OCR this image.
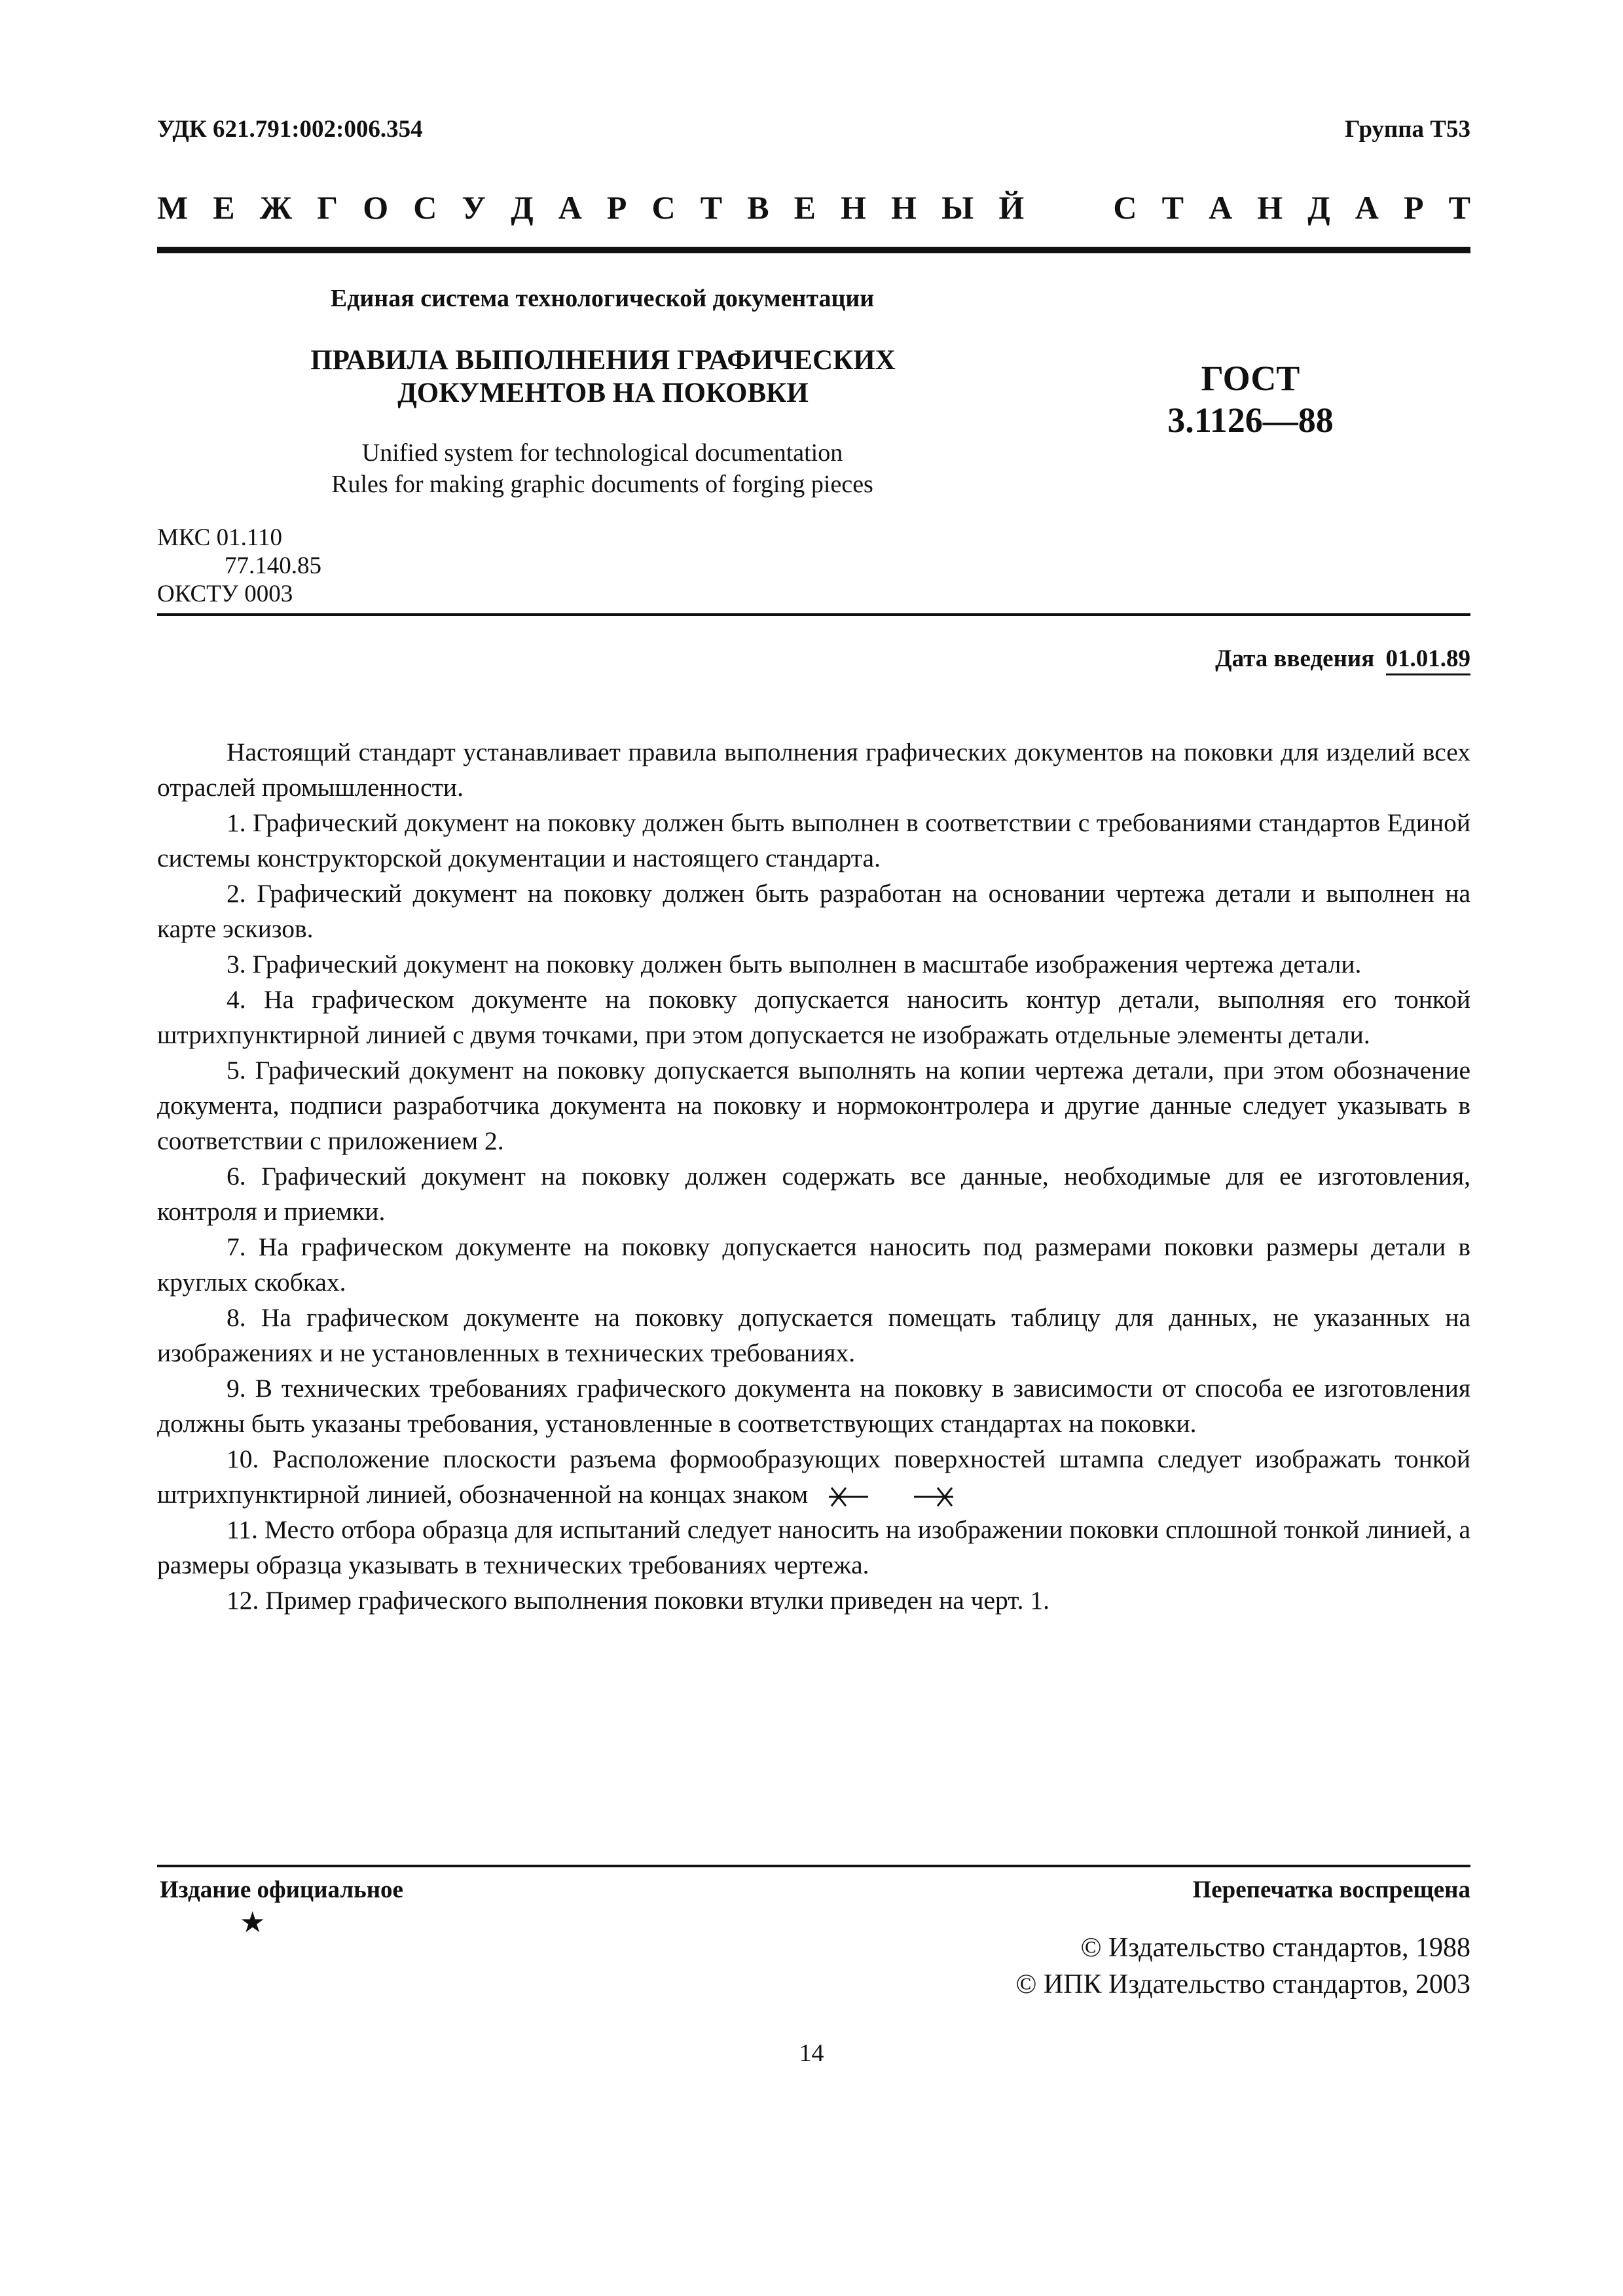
УДК 621.791:002:006.354	Группа Т53
М Е Ж Г О С У Д А Р С Т В Е Н Н Ы Й	С Т А Н Д А Р Т
Единая система технологической документации
ПРАВИЛА ВЫПОЛНЕНИЯ ГРАФИЧЕСКИХ
ДОКУМЕНТОВ НА ПОКОВКИ	ГОСТ
3.1126—88
Unified system for technological documentation
Rules for making graphic documents of forging pieces
МКС 01.110
77.140.85
ОКСТУ 0003
Дата введения 01.01.89

Настоящий стандарт устанавливает правила выполнения графических документов на поковки для изделий всех отраслей промышленности.

1. Графический документ на поковку должен быть выполнен в соответствии с требованиями стандартов Единой системы конструкторской документации и настоящего стандарта.

2. Графический документ на поковку должен быть разработан на основании чертежа детали и выполнен на карте эскизов.

3. Графический документ на поковку должен быть выполнен в масштабе изображения чертежа детали.

4. На графическом документе на поковку допускается наносить контур детали, выполняя его тонкой штрихпунктирной линией с двумя точками, при этом допускается не изображать отдельные элементы детали.

5. Графический документ на поковку допускается выполнять на копии чертежа детали, при этом обозначение документа, подписи разработчика документа на поковку и нормоконтролера и другие данные следует указывать в соответствии с приложением 2.

6. Графический документ на поковку должен содержать все данные, необходимые для ее изготовления, контроля и приемки.

7. На графическом документе на поковку допускается наносить под размерами поковки размеры детали в круглых скобках.

8. На графическом документе на поковку допускается помещать таблицу для данных, не указанных на изображениях и не установленных в технических требованиях.

9. В технических требованиях графического документа на поковку в зависимости от способа ее изготовления должны быть указаны требования, установленные в соответствующих стандартах на поковки.

10. Расположение плоскости разъема формообразующих поверхностей штампа следует изображать тонкой штрихпунктирной линией, обозначенной на концах знаком

11. Место отбора образца для испытаний следует наносить на изображении поковки сплошной тонкой линией, а размеры образца указывать в технических требованиях чертежа.

12. Пример графического выполнения поковки втулки приведен на черт. 1.

Издание официальное
★
Перепечатка воспрещена
© Издательство стандартов, 1988
© ИПК Издательство стандартов, 2003
14
